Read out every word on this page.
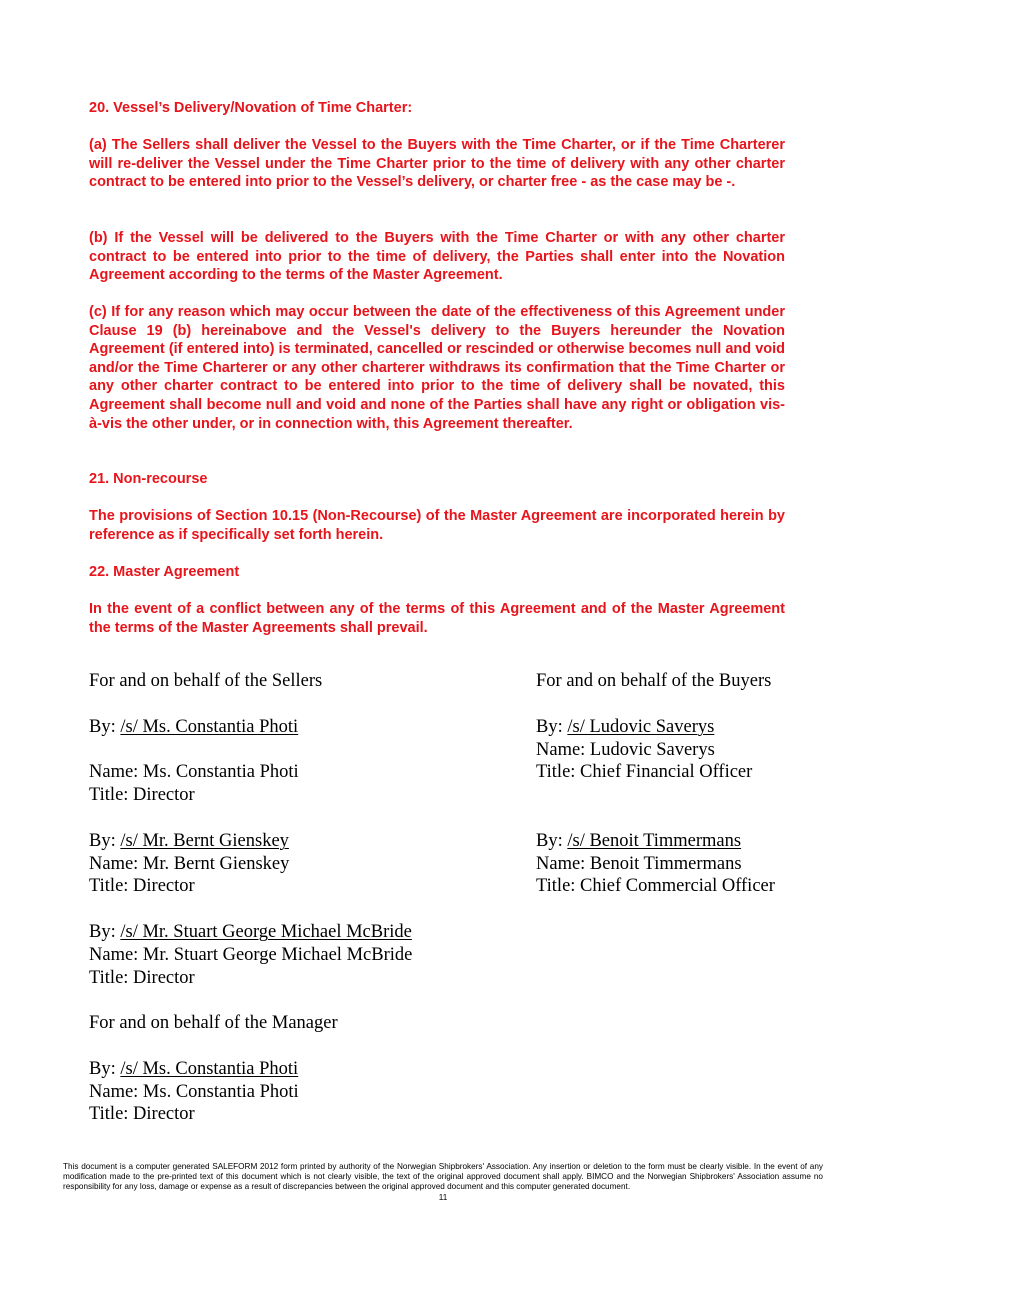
20. Vessel’s Delivery/Novation of Time Charter:

(a) The Sellers shall deliver the Vessel to the Buyers with the Time Charter, or if the Time Charterer will re-deliver the Vessel under the Time Charter prior to the time of delivery with any other charter contract to be entered into prior to the Vessel’s delivery, or charter free - as the case may be -.

(b) If the Vessel will be delivered to the Buyers with the Time Charter or with any other charter contract to be entered into prior to the time of delivery, the Parties shall enter into the Novation Agreement according to the terms of the Master Agreement.

(c) If for any reason which may occur between the date of the effectiveness of this Agreement under Clause 19 (b) hereinabove and the Vessel's delivery to the Buyers hereunder the Novation Agreement (if entered into) is terminated, cancelled or rescinded or otherwise becomes null and void and/or the Time Charterer or any other charterer withdraws its confirmation that the Time Charter or any other charter contract to be entered into prior to the time of delivery shall be novated, this Agreement shall become null and void and none of the Parties shall have any right or obligation vis-à-vis the other under, or in connection with, this Agreement thereafter.

21. Non-recourse

The provisions of Section 10.15 (Non-Recourse) of the Master Agreement are incorporated herein by reference as if specifically set forth herein.

22. Master Agreement

In the event of a conflict between any of the terms of this Agreement and of the Master Agreement the terms of the Master Agreements shall prevail.

For and on behalf of the Sellers

By: /s/ Ms. Constantia Photi

Name: Ms. Constantia Photi

Title: Director

By: /s/ Mr. Bernt Gienskey

Name: Mr. Bernt Gienskey

Title: Director

By: /s/ Mr. Stuart George Michael McBride

Name: Mr. Stuart George Michael McBride

Title: Director

For and on behalf of the Buyers

By: /s/ Ludovic Saverys

Name: Ludovic Saverys

Title: Chief Financial Officer

By: /s/ Benoit Timmermans

Name: Benoit Timmermans

Title: Chief Commercial Officer

For and on behalf of the Manager

By: /s/ Ms. Constantia Photi

Name: Ms. Constantia Photi

Title: Director

This document is a computer generated SALEFORM 2012 form printed by authority of the Norwegian Shipbrokers' Association. Any insertion or deletion to the form must be clearly visible. In the event of any modification made to the pre-printed text of this document which is not clearly visible, the text of the original approved document shall apply. BIMCO and the Norwegian Shipbrokers' Association assume no responsibility for any loss, damage or expense as a result of discrepancies between the original approved document and this computer generated document.

11
